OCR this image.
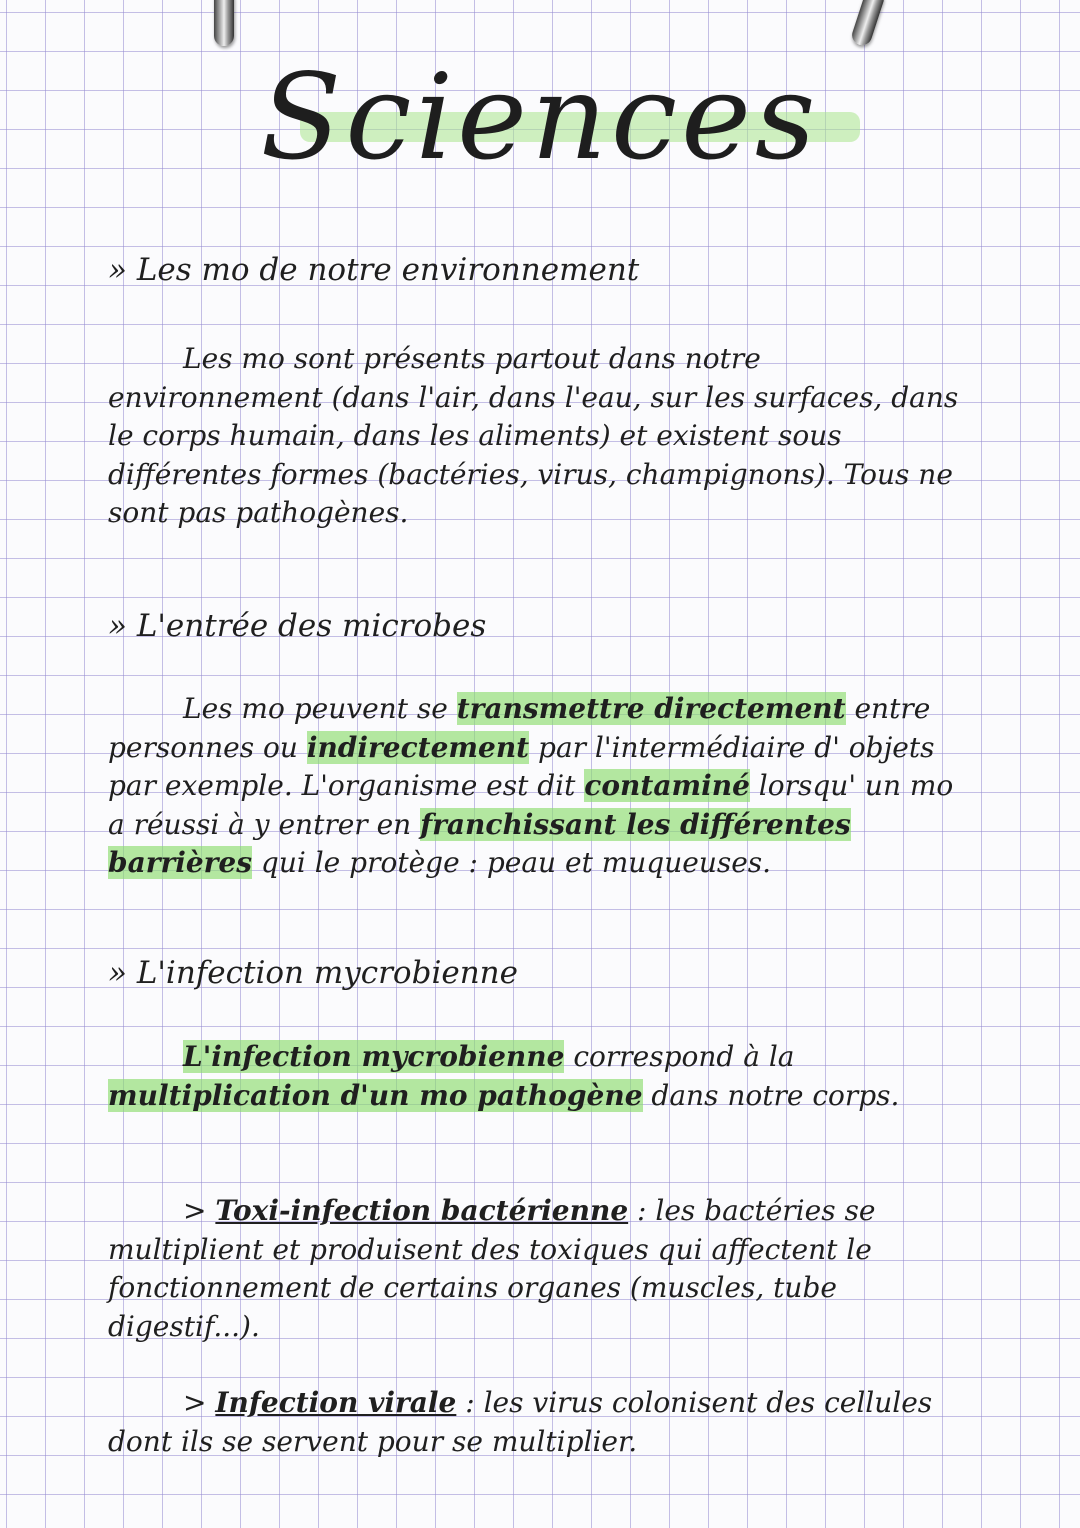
Sciences
» Les mo de notre environnement
Les mo sont présents partout dans notre environnement (dans l'air, dans l'eau, sur les surfaces, dans le corps humain, dans les aliments) et existent sous différentes formes (bactéries, virus, champignons). Tous ne sont pas pathogènes.
» L'entrée des microbes
Les mo peuvent se transmettre directement entre personnes ou indirectement par l'intermédiaire d' objets par exemple. L'organisme est dit contaminé lorsqu' un mo a réussi à y entrer en franchissant les différentes barrières qui le protège : peau et muqueuses.
» L'infection mycrobienne
L'infection mycrobienne correspond à la multiplication d'un mo pathogène dans notre corps.
> Toxi-infection bactérienne : les bactéries se multiplient et produisent des toxiques qui affectent le fonctionnement de certains organes (muscles, tube digestif...).
> Infection virale : les virus colonisent des cellules dont ils se servent pour se multiplier.
